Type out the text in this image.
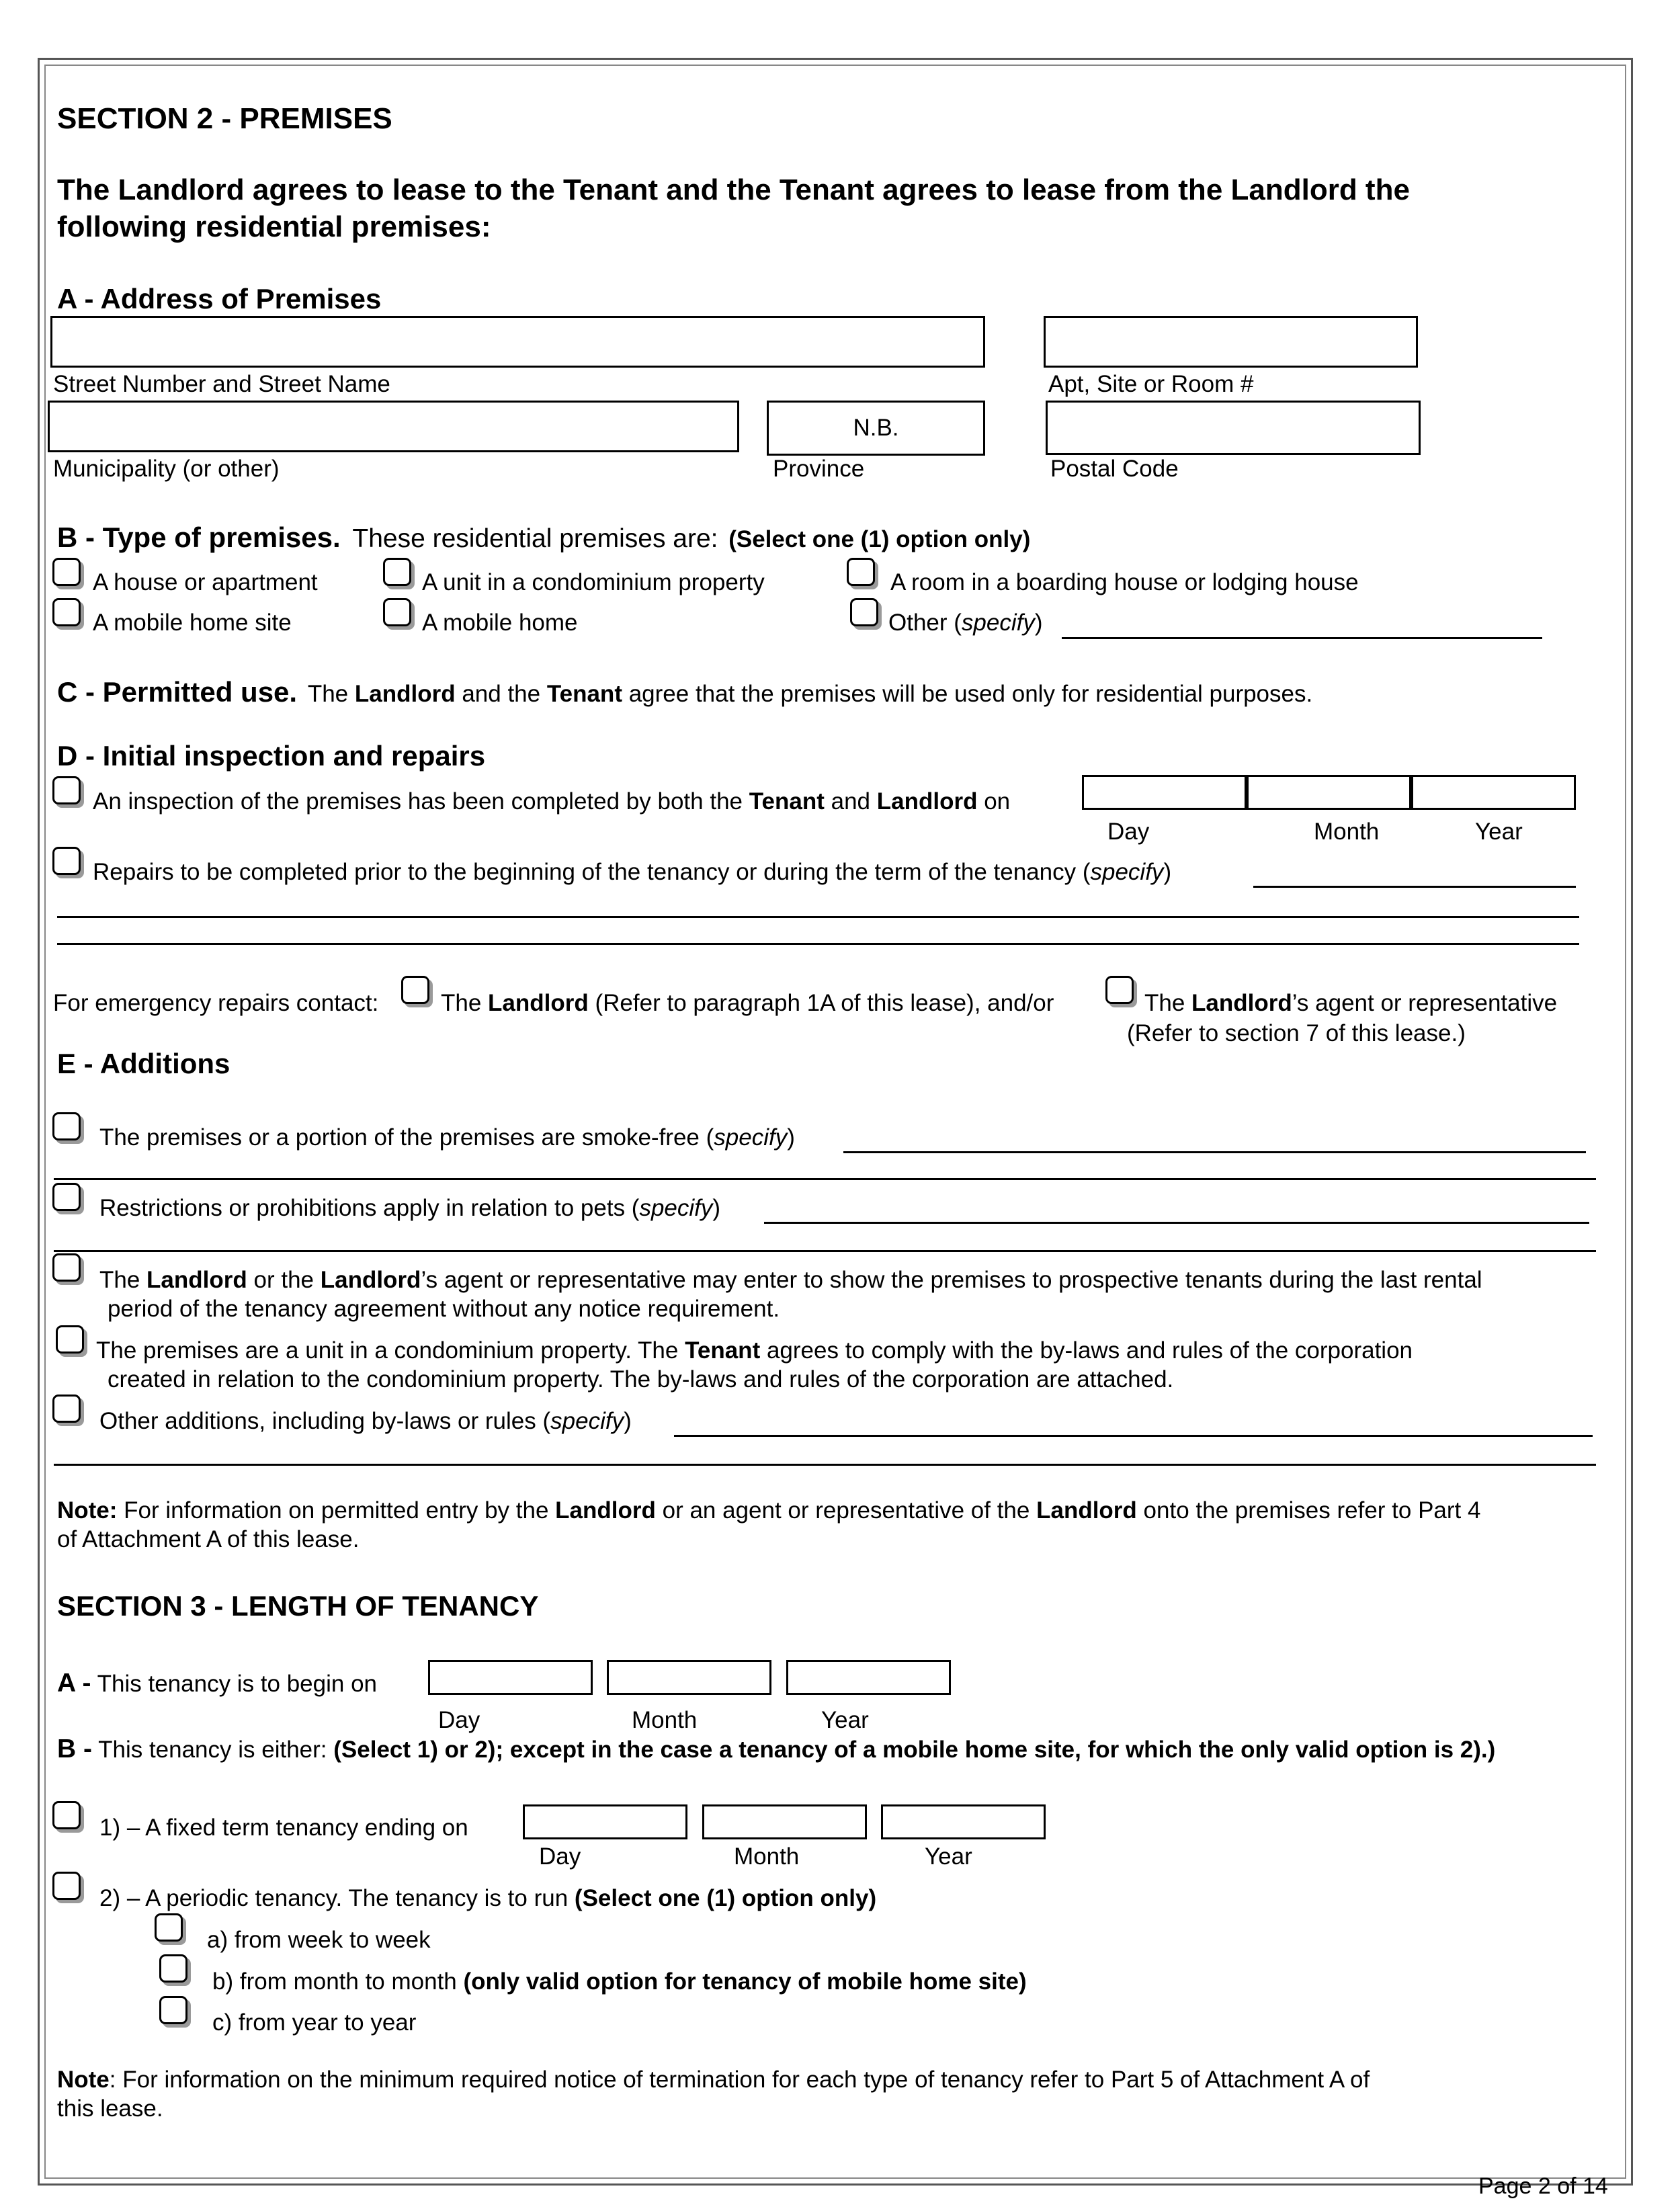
SECTION 2 - PREMISES
The Landlord agrees to lease to the Tenant and the Tenant agrees to lease from the Landlord the
following residential premises:
A - Address of Premises
Street Number and Street Name	Apt, Site or Room #
N.B.
Municipality (or other)	Province	Postal Code
B - Type of premises. These residential premises are: (Select one (1) option only)
A house or apartment	A unit in a condominium property	A room in a boarding house or lodging house
A mobile home site	A mobile home	Other (specify)
C - Permitted use. The Landlord and the Tenant agree that the premises will be used only for residential purposes.
D - Initial inspection and repairs
An inspection of the premises has been completed by both the Tenant and Landlord on
Day	Month	Year
Repairs to be completed prior to the beginning of the tenancy or during the term of the tenancy (specify)
For emergency repairs contact:	The Landlord (Refer to paragraph 1A of this lease), and/or	The Landlord’s agent or representative
(Refer to section 7 of this lease.)
E - Additions
The premises or a portion of the premises are smoke-free (specify)
Restrictions or prohibitions apply in relation to pets (specify)
The Landlord or the Landlord’s agent or representative may enter to show the premises to prospective tenants during the last rental
period of the tenancy agreement without any notice requirement.
The premises are a unit in a condominium property. The Tenant agrees to comply with the by-laws and rules of the corporation
created in relation to the condominium property. The by-laws and rules of the corporation are attached.
Other additions, including by-laws or rules (specify)
Note: For information on permitted entry by the Landlord or an agent or representative of the Landlord onto the premises refer to Part 4
of Attachment A of this lease.
SECTION 3 - LENGTH OF TENANCY
A - This tenancy is to begin on
Day	Month	Year
B - This tenancy is either: (Select 1) or 2); except in the case a tenancy of a mobile home site, for which the only valid option is 2).)
1) – A fixed term tenancy ending on
Day	Month	Year
2) – A periodic tenancy. The tenancy is to run (Select one (1) option only)
a) from week to week
b) from month to month (only valid option for tenancy of mobile home site)
c) from year to year
Note: For information on the minimum required notice of termination for each type of tenancy refer to Part 5 of Attachment A of
this lease.
Page 2 of 14
